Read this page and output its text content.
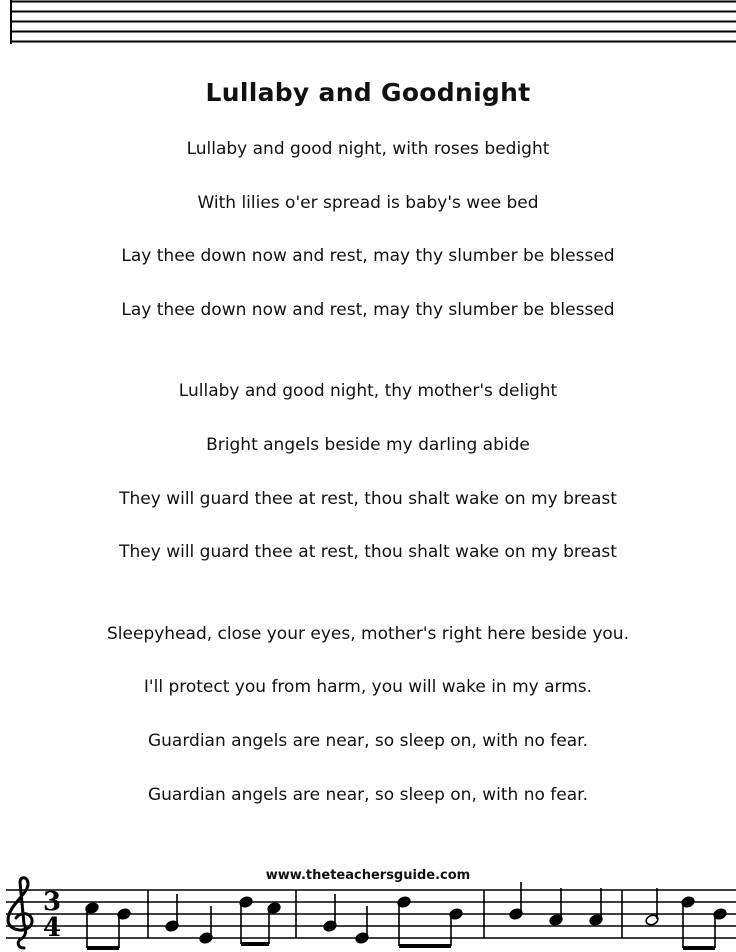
Lullaby and Goodnight
Lullaby and good night, with roses bedight
With lilies o'er spread is baby's wee bed
Lay thee down now and rest, may thy slumber be blessed
Lay thee down now and rest, may thy slumber be blessed
Lullaby and good night, thy mother's delight
Bright angels beside my darling abide
They will guard thee at rest, thou shalt wake on my breast
They will guard thee at rest, thou shalt wake on my breast
Sleepyhead, close your eyes, mother's right here beside you.
I'll protect you from harm, you will wake in my arms.
Guardian angels are near, so sleep on, with no fear.
Guardian angels are near, so sleep on, with no fear.
3
4
www.theteachersguide.com
